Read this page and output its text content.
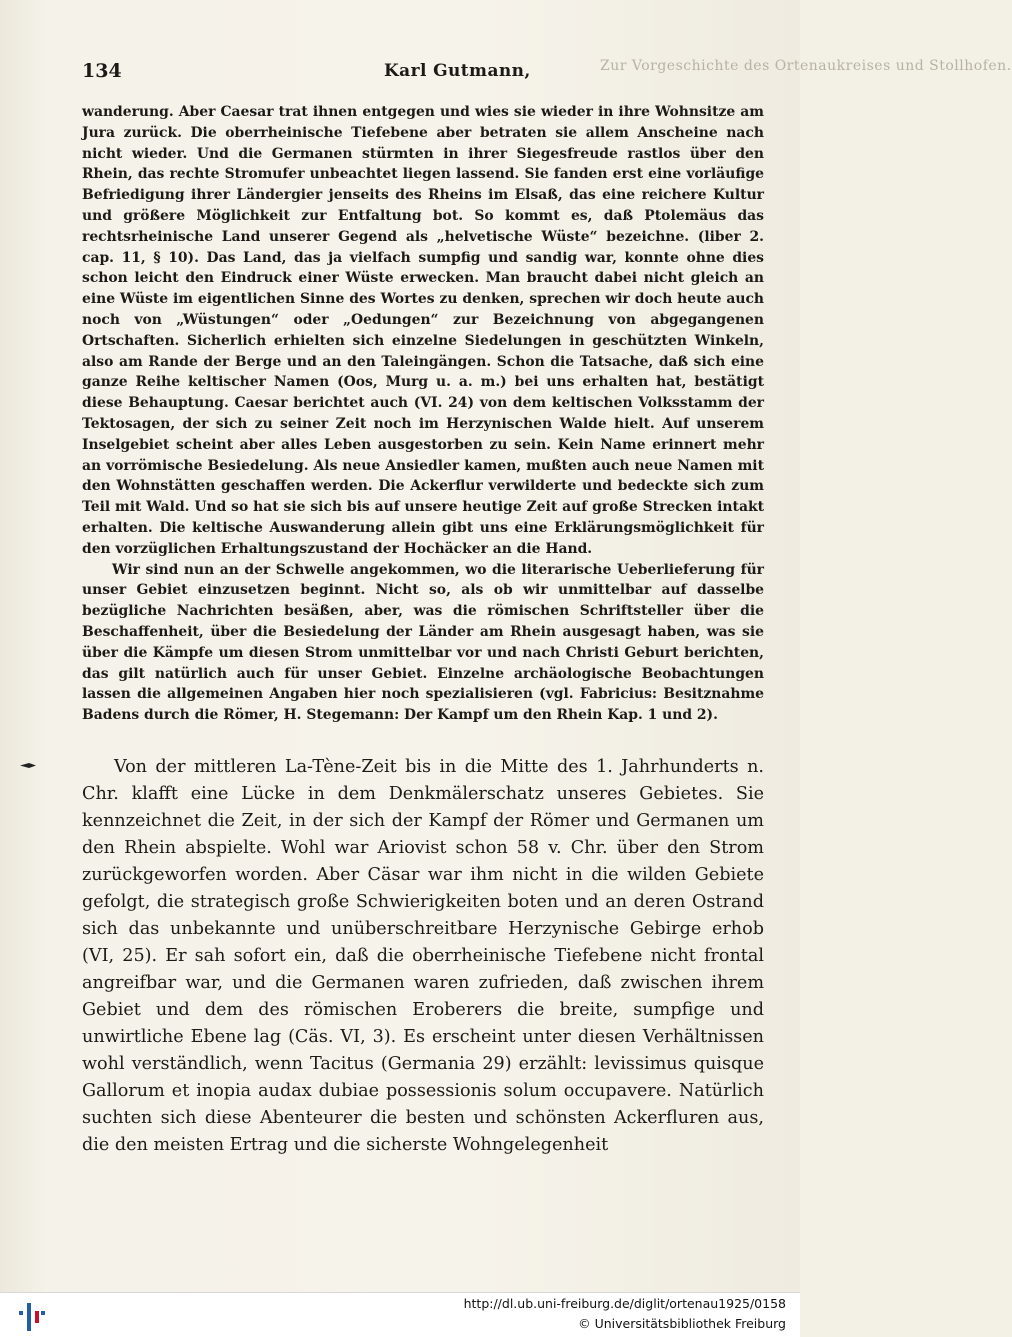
Zur Vorgeschichte des Ortenaukreises und Stollhofen.
134	Karl Gutmann,

wanderung. Aber Caesar trat ihnen entgegen und wies sie wieder in ihre Wohnsitze am Jura zurück. Die oberrheinische Tiefebene aber betraten sie allem Anscheine nach nicht wieder. Und die Germanen stürmten in ihrer Siegesfreude rastlos über den Rhein, das rechte Stromufer unbeachtet liegen lassend. Sie fanden erst eine vorläufige Befriedigung ihrer Ländergier jenseits des Rheins im Elsaß, das eine reichere Kultur und größere Möglichkeit zur Entfaltung bot. So kommt es, daß Ptolemäus das rechtsrheinische Land unserer Gegend als „helvetische Wüste“ bezeichne. (liber 2. cap. 11, § 10). Das Land, das ja vielfach sumpfig und sandig war, konnte ohne dies schon leicht den Eindruck einer Wüste erwecken. Man braucht dabei nicht gleich an eine Wüste im eigentlichen Sinne des Wortes zu denken, sprechen wir doch heute auch noch von „Wüstungen“ oder „Oedungen“ zur Bezeichnung von abgegangenen Ortschaften. Sicherlich erhielten sich einzelne Siedelungen in geschützten Winkeln, also am Rande der Berge und an den Taleingängen. Schon die Tatsache, daß sich eine ganze Reihe keltischer Namen (Oos, Murg u. a. m.) bei uns erhalten hat, bestätigt diese Behauptung. Caesar berichtet auch (VI. 24) von dem keltischen Volksstamm der Tektosagen, der sich zu seiner Zeit noch im Herzynischen Walde hielt. Auf unserem Inselgebiet scheint aber alles Leben ausgestorben zu sein. Kein Name erinnert mehr an vorrömische Besiedelung. Als neue Ansiedler kamen, mußten auch neue Namen mit den Wohnstätten geschaffen werden. Die Ackerflur verwilderte und bedeckte sich zum Teil mit Wald. Und so hat sie sich bis auf unsere heutige Zeit auf große Strecken intakt erhalten. Die keltische Auswanderung allein gibt uns eine Erklärungsmöglichkeit für den vorzüglichen Erhaltungszustand der Hochäcker an die Hand.

Wir sind nun an der Schwelle angekommen, wo die literarische Ueberlieferung für unser Gebiet einzusetzen beginnt. Nicht so, als ob wir unmittelbar auf dasselbe bezügliche Nachrichten besäßen, aber, was die römischen Schriftsteller über die Beschaffenheit, über die Besiedelung der Länder am Rhein ausgesagt haben, was sie über die Kämpfe um diesen Strom unmittelbar vor und nach Christi Geburt berichten, das gilt natürlich auch für unser Gebiet. Einzelne archäologische Beobachtungen lassen die allgemeinen Angaben hier noch spezialisieren (vgl. Fabricius: Besitznahme Badens durch die Römer, H. Stegemann: Der Kampf um den Rhein Kap. 1 und 2).

Von der mittleren La-Tène-Zeit bis in die Mitte des 1. Jahrhunderts n. Chr. klafft eine Lücke in dem Denkmälerschatz unseres Gebietes. Sie kennzeichnet die Zeit, in der sich der Kampf der Römer und Germanen um den Rhein abspielte. Wohl war Ariovist schon 58 v. Chr. über den Strom zurückgeworfen worden. Aber Cäsar war ihm nicht in die wilden Gebiete gefolgt, die strategisch große Schwierigkeiten boten und an deren Ostrand sich das unbekannte und unüberschreitbare Herzynische Gebirge erhob (VI, 25). Er sah sofort ein, daß die oberrheinische Tiefebene nicht frontal angreifbar war, und die Germanen waren zufrieden, daß zwischen ihrem Gebiet und dem des römischen Eroberers die breite, sumpfige und unwirtliche Ebene lag (Cäs. VI, 3). Es erscheint unter diesen Verhältnissen wohl verständlich, wenn Tacitus (Germania 29) erzählt: levissimus quisque Gallorum et inopia audax dubiae possessionis solum occupavere. Natürlich suchten sich diese Abenteurer die besten und schönsten Ackerfluren aus, die den meisten Ertrag und die sicherste Wohngelegenheit

http://dl.ub.uni-freiburg.de/diglit/ortenau1925/0158
© Universitätsbibliothek Freiburg
